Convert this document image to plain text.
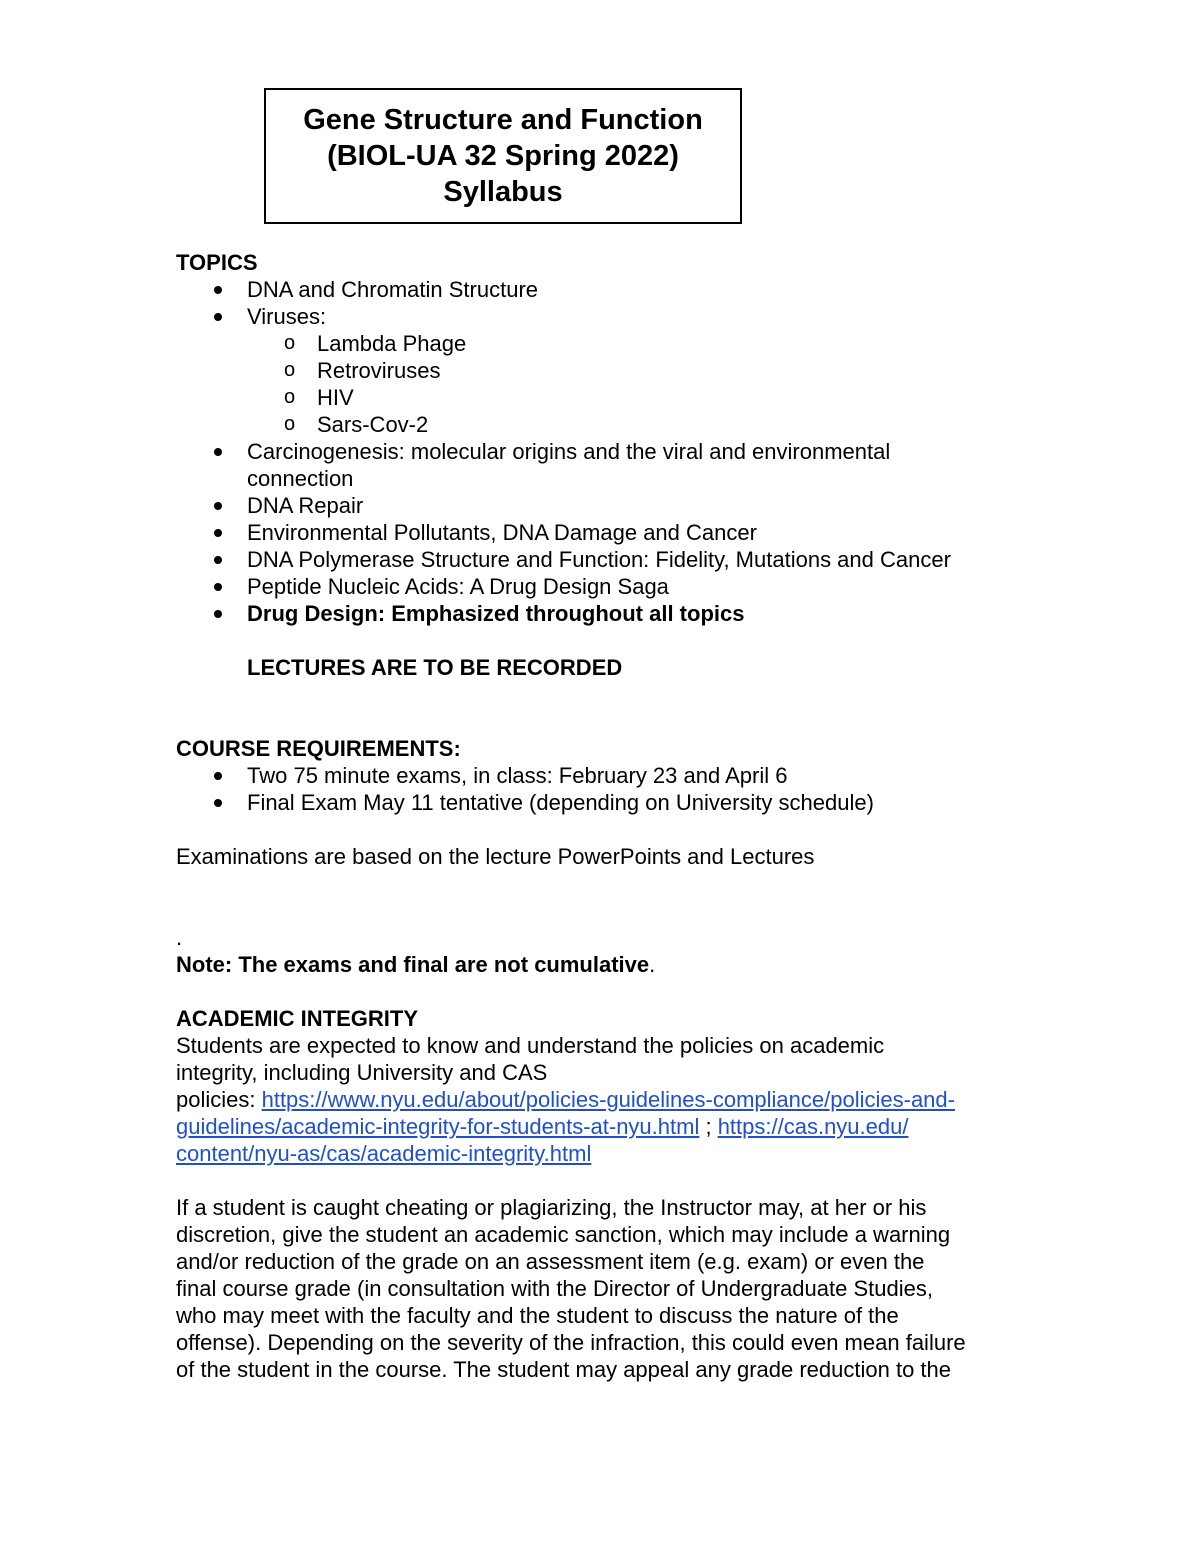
Gene Structure and Function
(BIOL-UA 32 Spring 2022)
Syllabus
TOPICS
DNA and Chromatin Structure
Viruses:
o Lambda Phage
o Retroviruses
o HIV
o Sars-Cov-2
Carcinogenesis: molecular origins and the viral and environmental
connection
DNA Repair
Environmental Pollutants, DNA Damage and Cancer
DNA Polymerase Structure and Function: Fidelity, Mutations and Cancer
Peptide Nucleic Acids: A Drug Design Saga
Drug Design: Emphasized throughout all topics
LECTURES ARE TO BE RECORDED
COURSE REQUIREMENTS:
Two 75 minute exams, in class: February 23 and April 6
Final Exam May 11 tentative (depending on University schedule)
Examinations are based on the lecture PowerPoints and Lectures
.
Note: The exams and final are not cumulative.
ACADEMIC INTEGRITY
Students are expected to know and understand the policies on academic
integrity, including University and CAS
policies: https://www.nyu.edu/about/policies-guidelines-compliance/policies-and-
guidelines/academic-integrity-for-students-at-nyu.html ; https://cas.nyu.edu/
content/nyu-as/cas/academic-integrity.html
If a student is caught cheating or plagiarizing, the Instructor may, at her or his
discretion, give the student an academic sanction, which may include a warning
and/or reduction of the grade on an assessment item (e.g. exam) or even the
final course grade (in consultation with the Director of Undergraduate Studies,
who may meet with the faculty and the student to discuss the nature of the
offense). Depending on the severity of the infraction, this could even mean failure
of the student in the course. The student may appeal any grade reduction to the
